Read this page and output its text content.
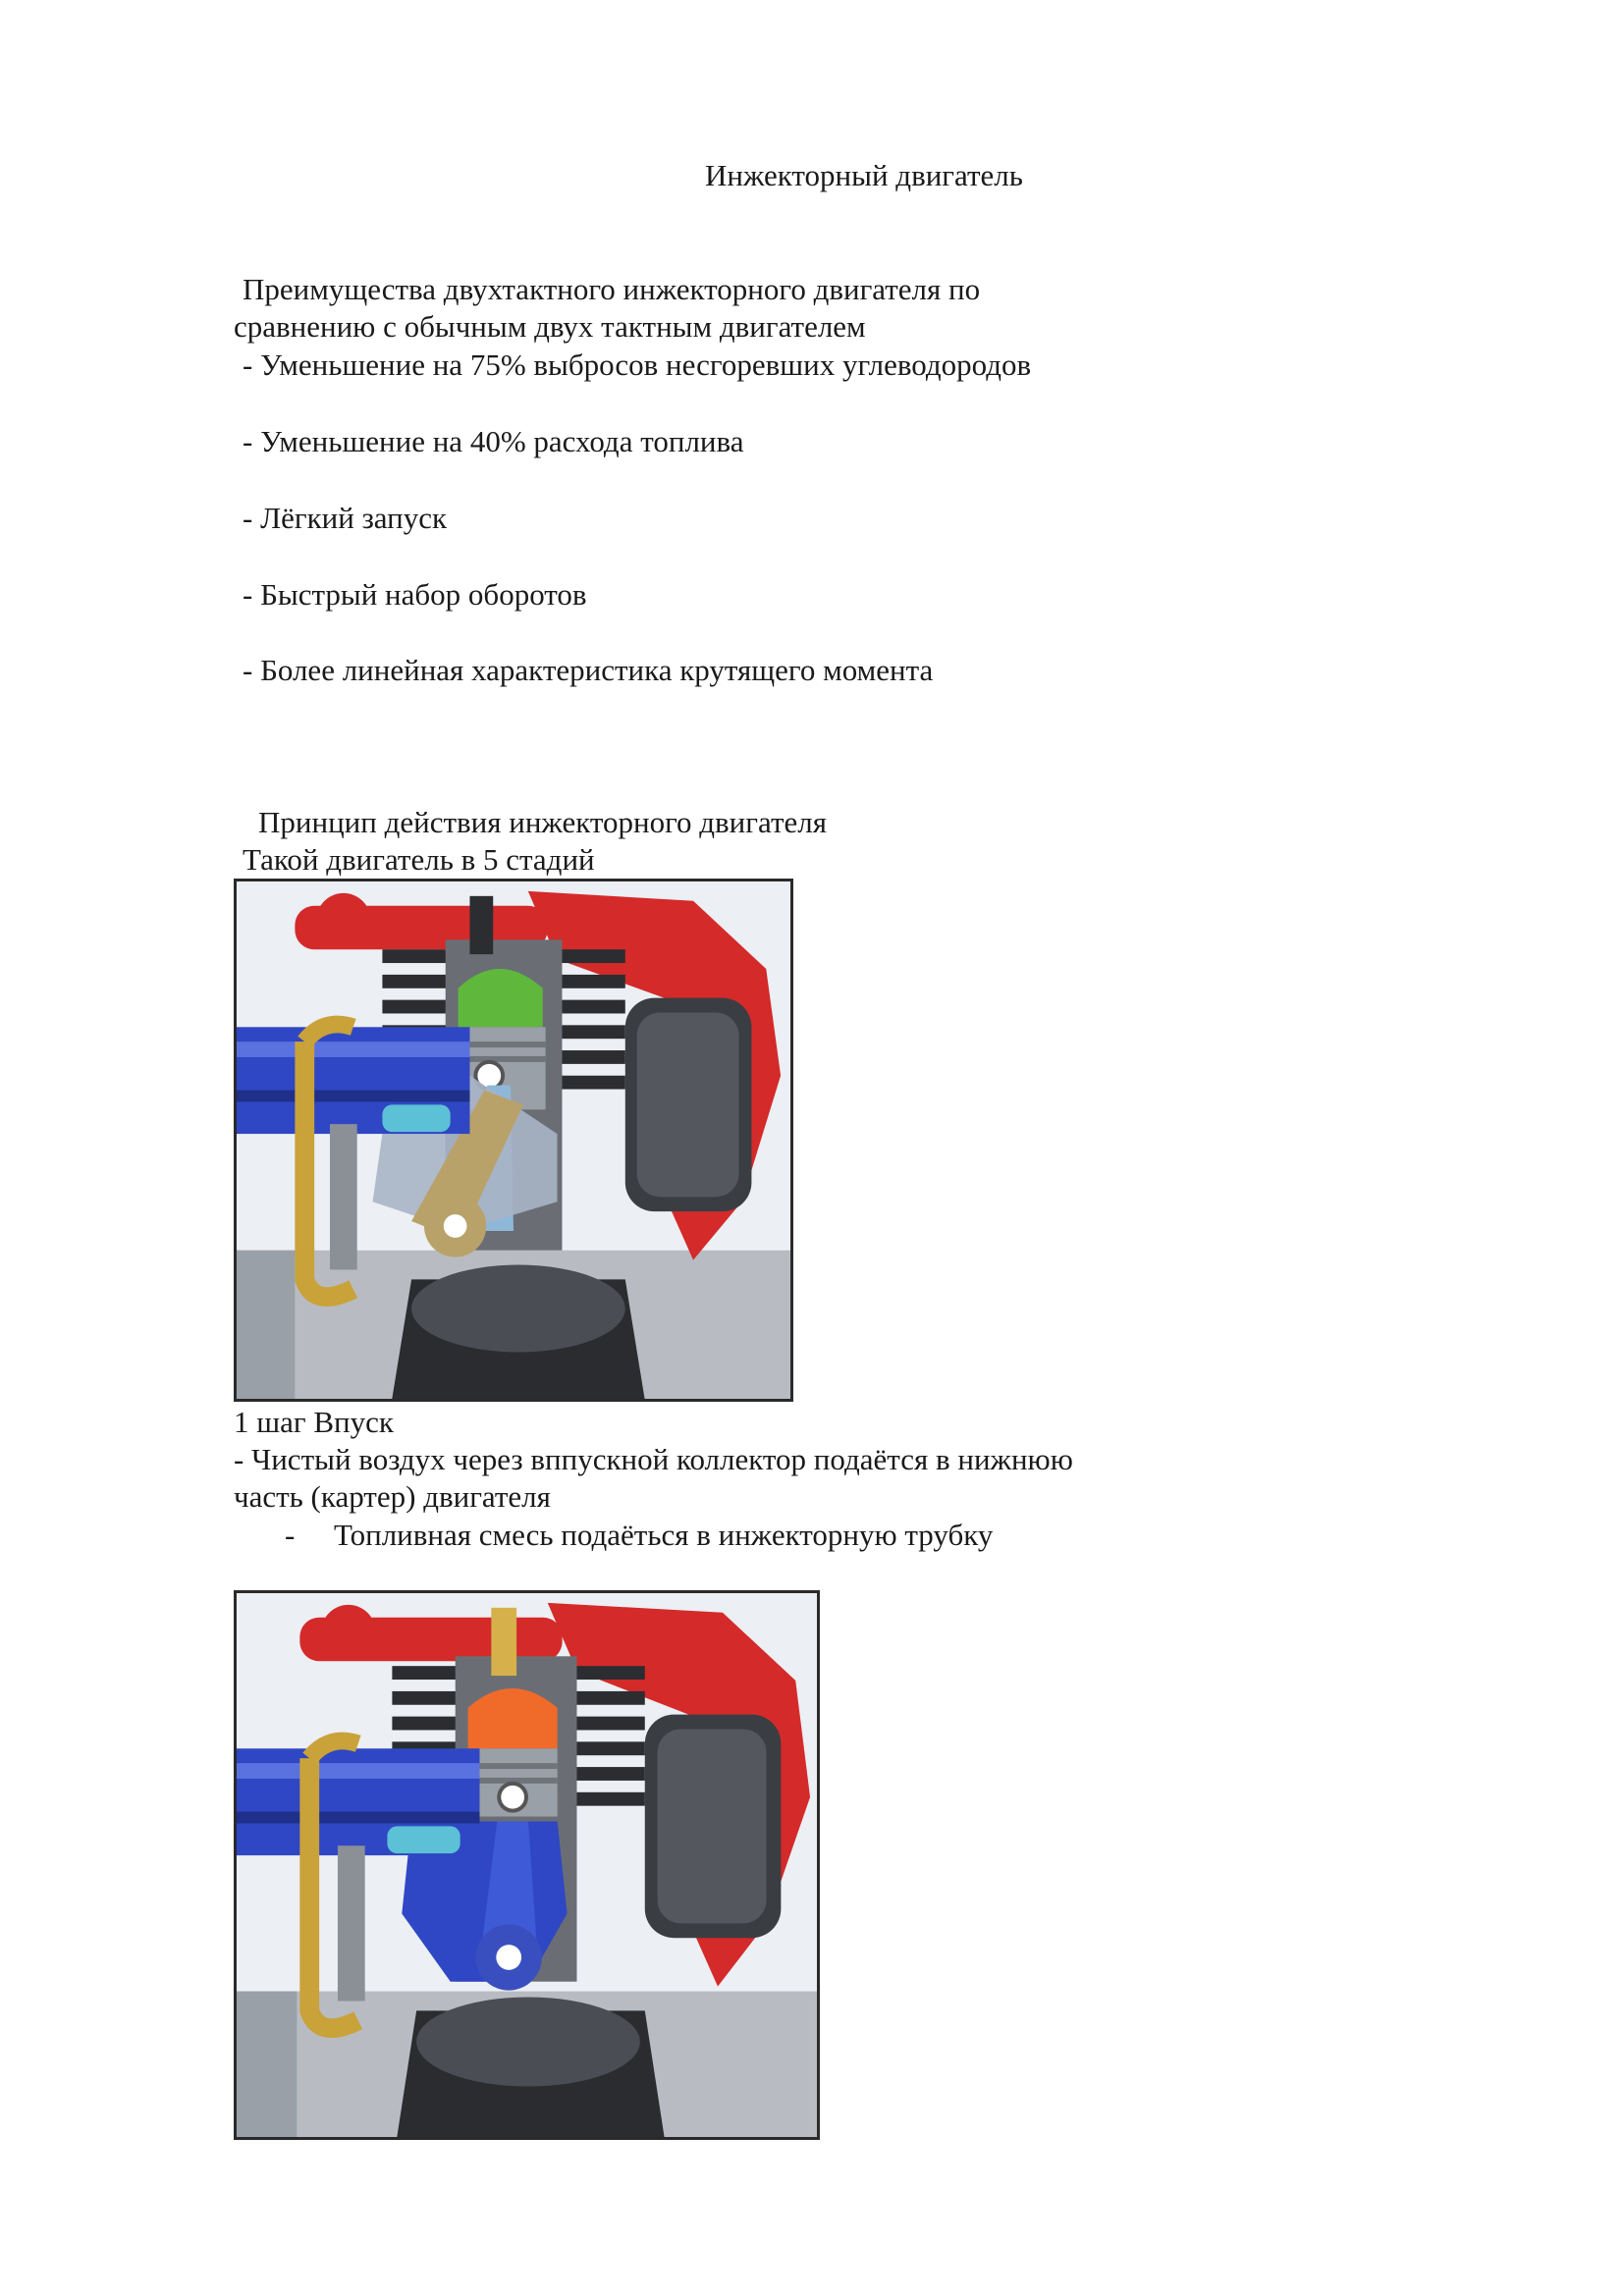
Инжекторный двигатель

Преимущества двухтактного инжекторного двигателя по

сравнению с обычным двух тактным двигателем

- Уменьшение на 75% выбросов несгоревших углеводородов

- Уменьшение на 40% расхода топлива

- Лёгкий запуск

- Быстрый набор оборотов

- Более линейная характеристика крутящего момента

Принцип действия инжекторного двигателя

Такой двигатель в 5 стадий

1 шаг Впуск

- Чистый воздух через вппускной коллектор подаётся в нижнюю

часть (картер) двигателя

- Топливная смесь подаёться в инжекторную трубку
